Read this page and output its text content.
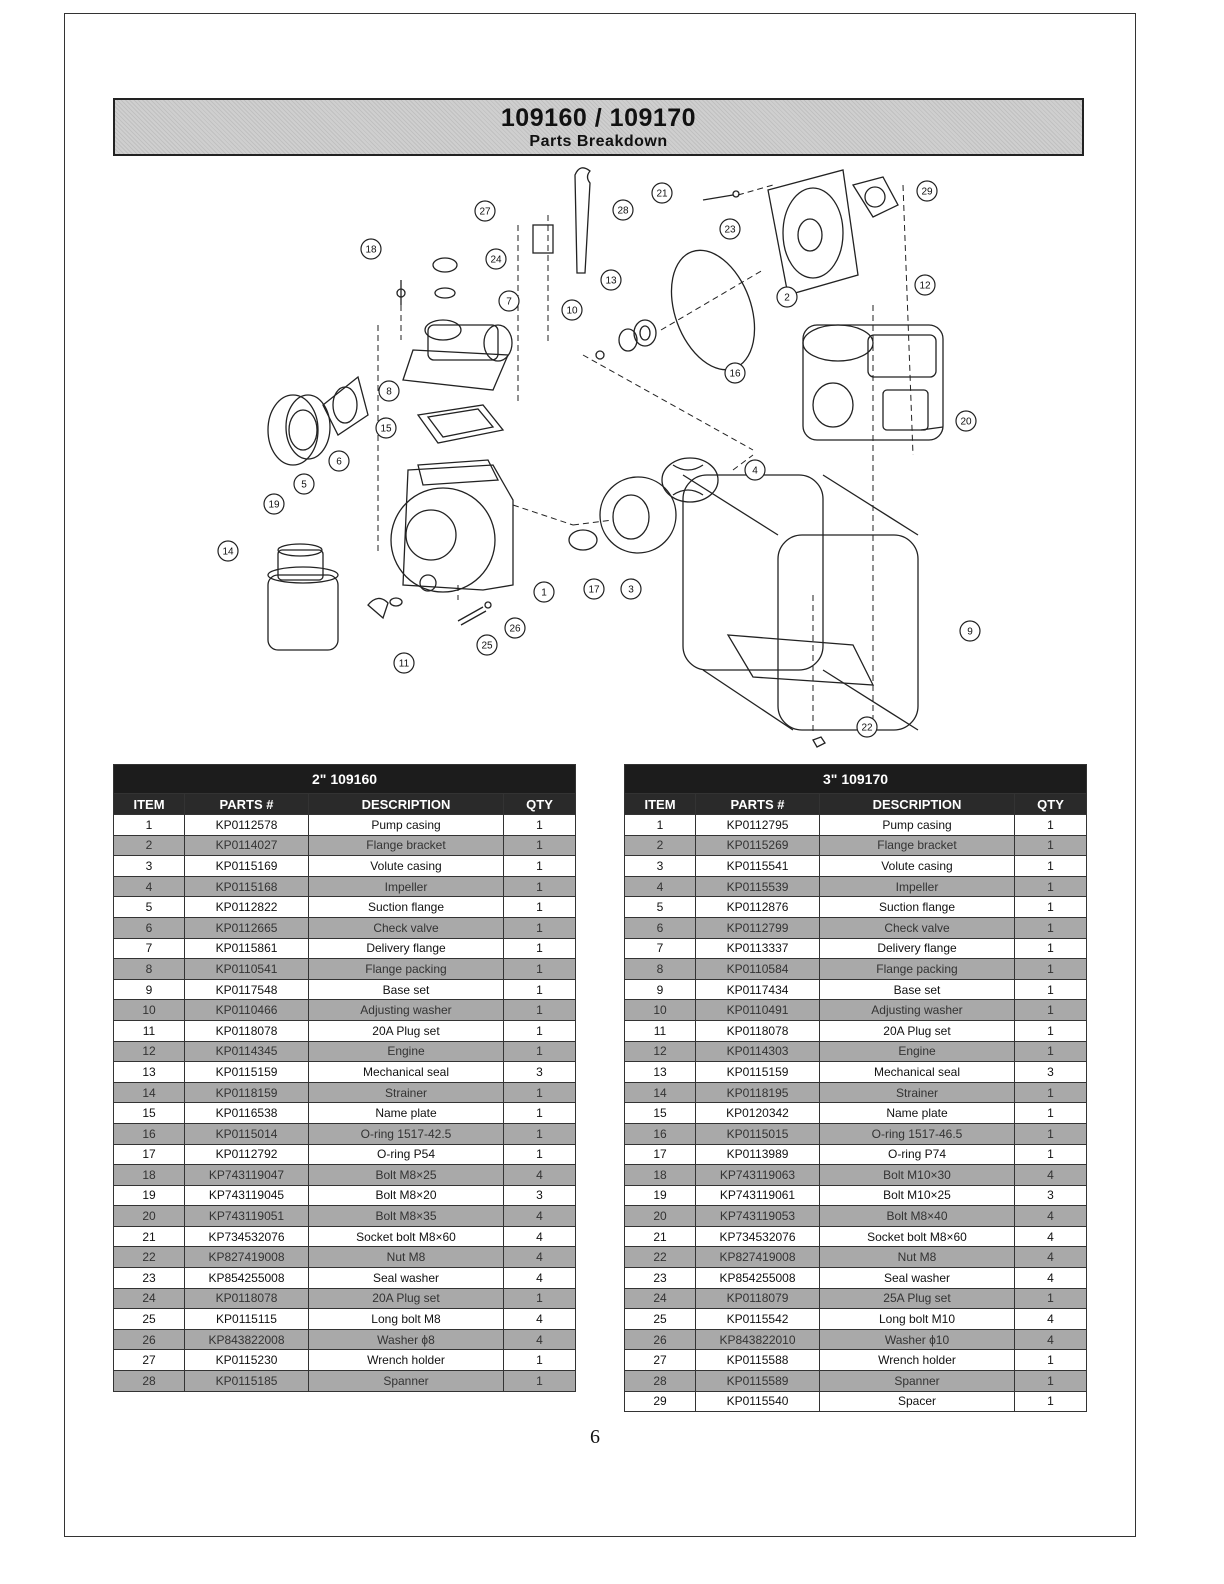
109160 / 109170
Parts Breakdown
1
2
3
4
5
6
7
8
9
10
11
12
13
14
15
16
17
18
19
20
21
22
23
24
25
26
27	28
29
2" 109160			
ITEM	PARTS #	DESCRIPTION	QTY
1	KP0112578	Pump casing	1
2	KP0114027	Flange bracket	1
3	KP0115169	Volute casing	1
4	KP0115168	Impeller	1
5	KP0112822	Suction flange	1
6	KP0112665	Check valve	1
7	KP0115861	Delivery flange	1
8	KP0110541	Flange packing	1
9	KP0117548	Base set	1
10	KP0110466	Adjusting washer	1
11	KP0118078	20A Plug set	1
12	KP0114345	Engine	1
13	KP0115159	Mechanical seal	3
14	KP0118159	Strainer	1
15	KP0116538	Name plate	1
16	KP0115014	O-ring 1517-42.5	1
17	KP0112792	O-ring P54	1
18	KP743119047	Bolt M8×25	4
19	KP743119045	Bolt M8×20	3
20	KP743119051	Bolt M8×35	4
21	KP734532076	Socket bolt M8×60	4
22	KP827419008	Nut M8	4
23	KP854255008	Seal washer	4
24	KP0118078	20A Plug set	1
25	KP0115115	Long bolt M8	4
26	KP843822008	Washer ϕ8	4
27	KP0115230	Wrench holder	1
28	KP0115185	Spanner	1
3" 109170			
ITEM	PARTS #	DESCRIPTION	QTY
1	KP0112795	Pump casing	1
2	KP0115269	Flange bracket	1
3	KP0115541	Volute casing	1
4	KP0115539	Impeller	1
5	KP0112876	Suction flange	1
6	KP0112799	Check valve	1
7	KP0113337	Delivery flange	1
8	KP0110584	Flange packing	1
9	KP0117434	Base set	1
10	KP0110491	Adjusting washer	1
11	KP0118078	20A Plug set	1
12	KP0114303	Engine	1
13	KP0115159	Mechanical seal	3
14	KP0118195	Strainer	1
15	KP0120342	Name plate	1
16	KP0115015	O-ring 1517-46.5	1
17	KP0113989	O-ring P74	1
18	KP743119063	Bolt M10×30	4
19	KP743119061	Bolt M10×25	3
20	KP743119053	Bolt M8×40	4
21	KP734532076	Socket bolt M8×60	4
22	KP827419008	Nut M8	4
23	KP854255008	Seal washer	4
24	KP0118079	25A Plug set	1
25	KP0115542	Long bolt M10	4
26	KP843822010	Washer ϕ10	4
27	KP0115588	Wrench holder	1
28	KP0115589	Spanner	1
29	KP0115540	Spacer	1
6
